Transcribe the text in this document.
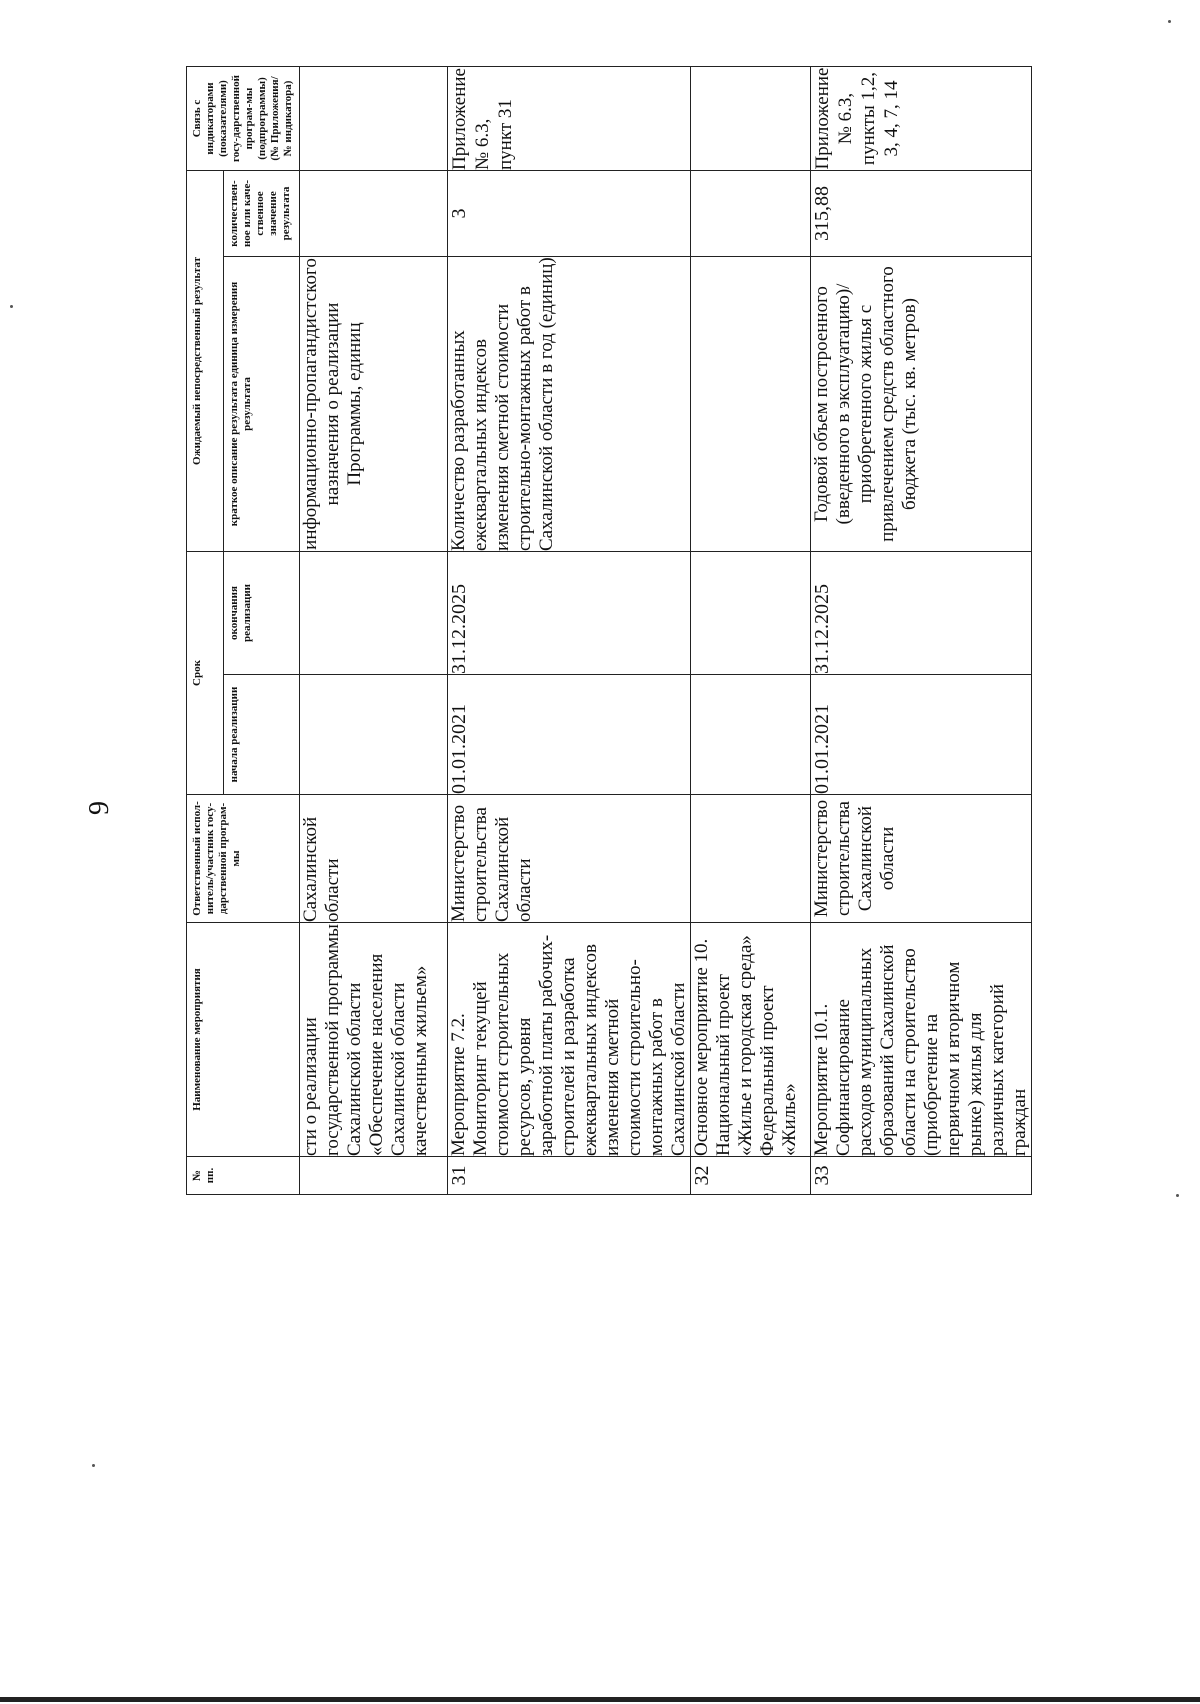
9
№ пп.	Наименование мероприятия	Ответственный испол-нитель/участник госу-дарственной програм-мы	Срок		Ожидаемый непосредственный результат		Связь с индикаторами (показателями) госу-дарственной програм-мы (подпрограммы) (№ Приложения/№ индикатора)

			начала реализации	окончания реализации	краткое описание результата единица измерения результата	количествен-ное или каче-ственное значение результата	

	сти о реализации государственной программы Сахалинской области «Обеспечение населения Сахалинской области качественным жильем»	Сахалинской области			информационно-пропагандистского назначения о реализации Программы, единиц		
31	Мероприятие 7.2. Мониторинг текущей стоимости строительных ресурсов, уровня заработной платы рабочих-строителей и разработка ежеквартальных индексов изменения сметной стоимости строительно-монтажных работ в Сахалинской области	Министерство строительства Сахалинской области	01.01.2021	31.12.2025	Количество разработанных ежеквартальных индексов изменения сметной стоимости строительно-монтажных работ в Сахалинской области в год (единиц)	3	Приложение № 6.3, пункт 31
32	Основное мероприятие 10. Национальный проект «Жилье и городская среда» Федеральный проект «Жилье»						
33	Мероприятие 10.1. Софинансирование расходов муниципальных образований Сахалинской области на строительство (приобретение на первичном и вторичном рынке) жилья для различных категорий граждан	Министерство строительства Сахалинской области	01.01.2021	31.12.2025	Годовой объем построенного (введенного в эксплуатацию)/ приобретенного жилья с привлечением средств областного бюджета (тыс. кв. метров)	315,88	Приложение № 6.3, пункты 1,2, 3, 4, 7, 14
